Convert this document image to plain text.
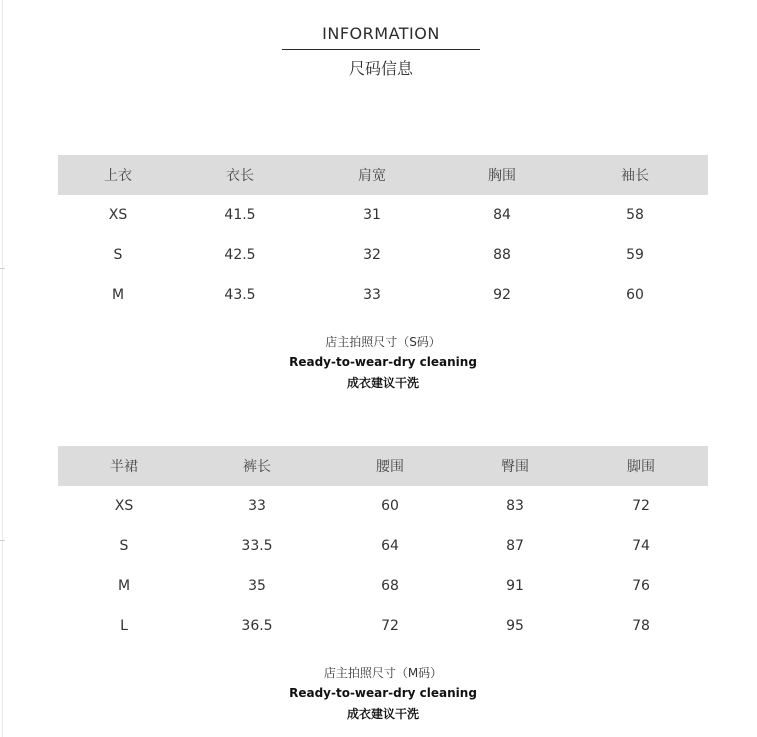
INFORMATION
尺码信息
上衣	衣长	肩宽	胸围	袖长
XS	41.5	31	84	58
S	42.5	32	88	59
M	43.5	33	92	60
店主拍照尺寸（S码）
Ready-to-wear-dry cleaning
成衣建议干洗
半裙	裤长	腰围	臀围	脚围
XS	33	60	83	72
S	33.5	64	87	74
M	35	68	91	76
L	36.5	72	95	78
店主拍照尺寸（M码）
Ready-to-wear-dry cleaning
成衣建议干洗
